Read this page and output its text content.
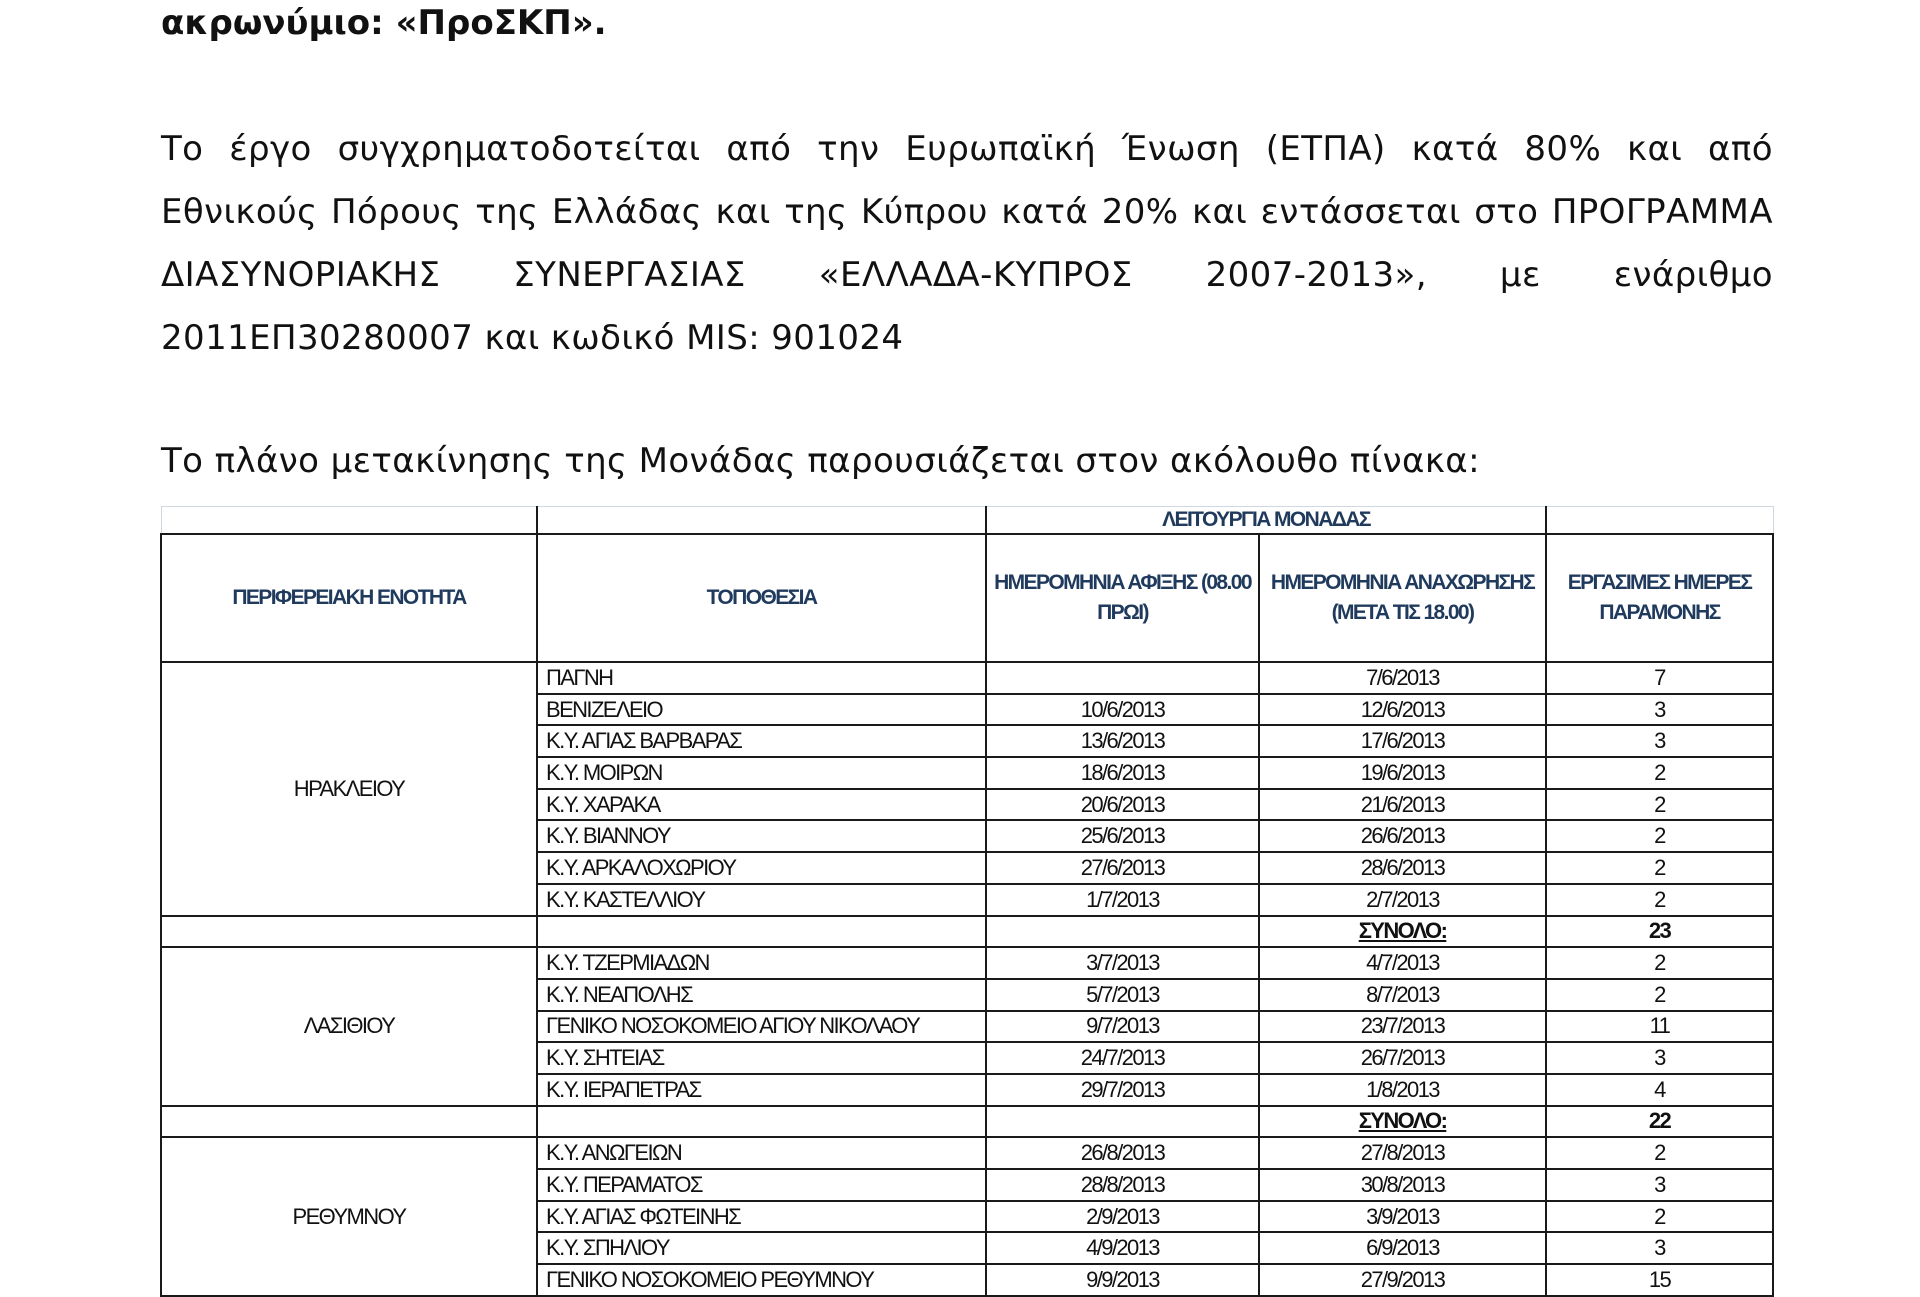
ακρωνύμιο: «ΠροΣΚΠ».
Το έργο συγχρηματοδοτείται από την Ευρωπαϊκή Ένωση (ΕΤΠΑ) κατά 80% και από
Εθνικούς Πόρους της Ελλάδας και της Κύπρου κατά 20% και εντάσσεται στο ΠΡΟΓΡΑΜΜΑ
ΔΙΑΣΥΝΟΡΙΑΚΗΣ ΣΥΝΕΡΓΑΣΙΑΣ «ΕΛΛΑΔΑ-ΚΥΠΡΟΣ 2007-2013», με ενάριθμο
2011ΕΠ30280007 και κωδικό MIS: 901024
Το πλάνο μετακίνησης της Μονάδας παρουσιάζεται στον ακόλουθο πίνακα:
		ΛΕΙΤΟΥΡΓΙΑ ΜΟΝΑΔΑΣ		
ΠΕΡΙΦΕΡΕΙΑΚΗ ΕΝΟΤΗΤΑ	ΤΟΠΟΘΕΣΙΑ	ΗΜΕΡΟΜΗΝΙΑ ΑΦΙΞΗΣ (08.00 ΠΡΩΙ)	ΗΜΕΡΟΜΗΝΙΑ ΑΝΑΧΩΡΗΣΗΣ (ΜΕΤΑ ΤΙΣ 18.00)	ΕΡΓΑΣΙΜΕΣ ΗΜΕΡΕΣ ΠΑΡΑΜΟΝΗΣ
ΗΡΑΚΛΕΙΟΥ	ΠΑΓΝΗ		7/6/2013	7
	ΒΕΝΙΖΕΛΕΙΟ	10/6/2013	12/6/2013	3
	Κ.Υ. ΑΓΙΑΣ ΒΑΡΒΑΡΑΣ	13/6/2013	17/6/2013	3
	Κ.Υ. ΜΟΙΡΩΝ	18/6/2013	19/6/2013	2
	Κ.Υ. ΧΑΡΑΚΑ	20/6/2013	21/6/2013	2
	Κ.Υ. ΒΙΑΝΝΟΥ	25/6/2013	26/6/2013	2
	Κ.Υ. ΑΡΚΑΛΟΧΩΡΙΟΥ	27/6/2013	28/6/2013	2
	Κ.Υ. ΚΑΣΤΕΛΛΙΟΥ	1/7/2013	2/7/2013	2
			ΣΥΝΟΛΟ:	23
ΛΑΣΙΘΙΟΥ	Κ.Υ. ΤΖΕΡΜΙΑΔΩΝ	3/7/2013	4/7/2013	2
	Κ.Υ. ΝΕΑΠΟΛΗΣ	5/7/2013	8/7/2013	2
	ΓΕΝΙΚΟ ΝΟΣΟΚΟΜΕΙΟ ΑΓΙΟΥ ΝΙΚΟΛΑΟΥ	9/7/2013	23/7/2013	11
	Κ.Υ. ΣΗΤΕΙΑΣ	24/7/2013	26/7/2013	3
	Κ.Υ. ΙΕΡΑΠΕΤΡΑΣ	29/7/2013	1/8/2013	4
			ΣΥΝΟΛΟ:	22
ΡΕΘΥΜΝΟΥ	Κ.Υ. ΑΝΩΓΕΙΩΝ	26/8/2013	27/8/2013	2
	Κ.Υ. ΠΕΡΑΜΑΤΟΣ	28/8/2013	30/8/2013	3
	Κ.Υ. ΑΓΙΑΣ ΦΩΤΕΙΝΗΣ	2/9/2013	3/9/2013	2
	Κ.Υ. ΣΠΗΛΙΟΥ	4/9/2013	6/9/2013	3
	ΓΕΝΙΚΟ ΝΟΣΟΚΟΜΕΙΟ ΡΕΘΥΜΝΟΥ	9/9/2013	27/9/2013	15
